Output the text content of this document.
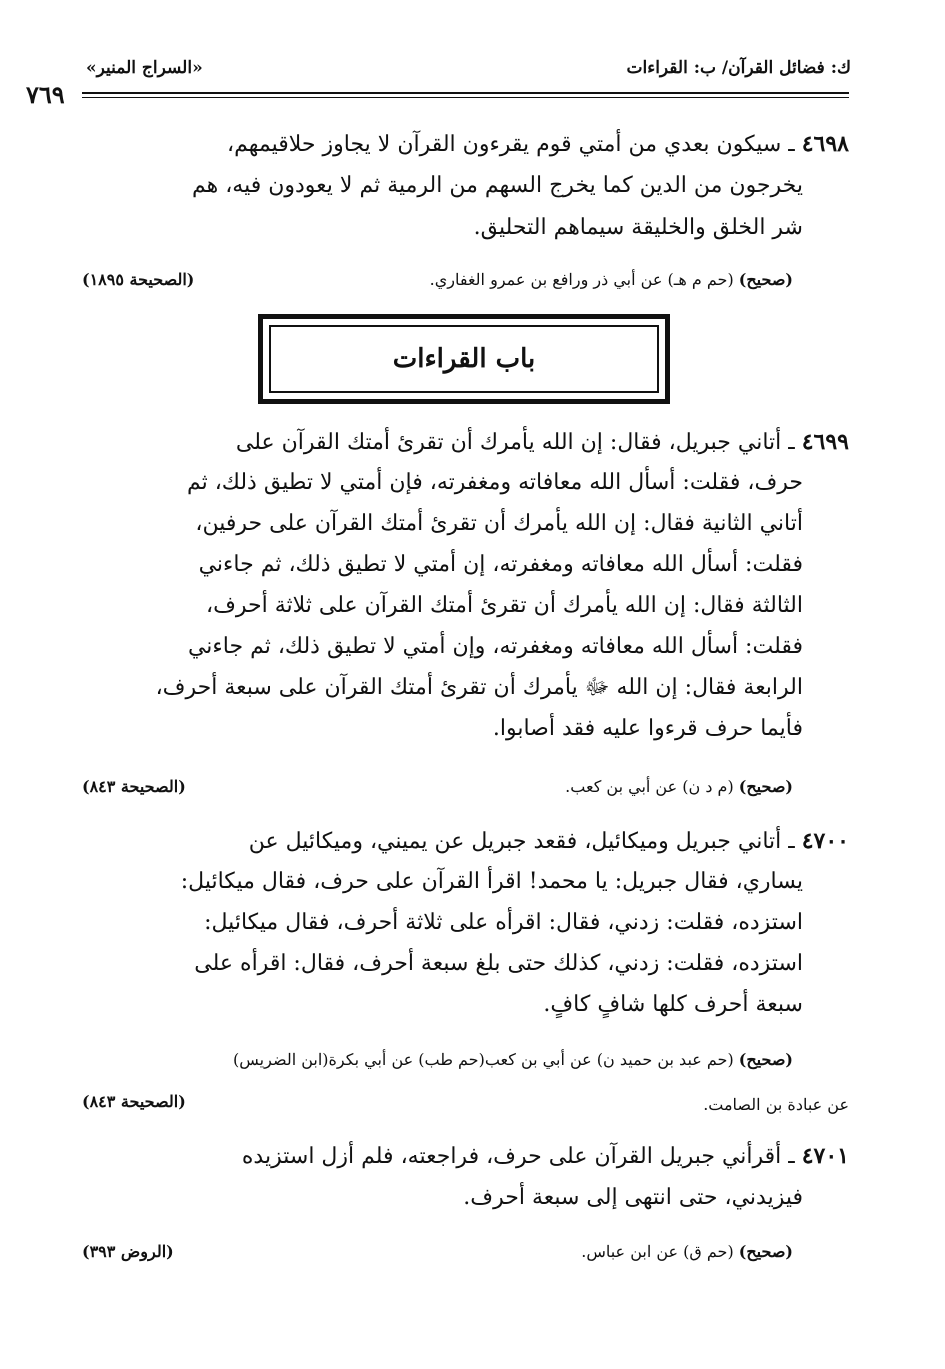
ك: فضائل القرآن/ ب: القراءات
«السراج المنير»
٧٦٩
٤٦٩٨ ـ سيكون بعدي من أمتي قوم يقرءون القرآن لا يجاوز حلاقيمهم،
يخرجون من الدين كما يخرج السهم من الرمية ثم لا يعودون فيه، هم
شر الخلق والخليقة سيماهم التحليق.
(صحيح) (حم م هـ) عن أبي ذر ورافع بن عمرو الغفاري.
(الصحيحة ١٨٩٥)
باب القراءات
٤٦٩٩ ـ أتاني جبريل، فقال: إن الله يأمرك أن تقرئ أمتك القرآن على
حرف، فقلت: أسأل الله معافاته ومغفرته، فإن أمتي لا تطيق ذلك، ثم
أتاني الثانية فقال: إن الله يأمرك أن تقرئ أمتك القرآن على حرفين،
فقلت: أسأل الله معافاته ومغفرته، إن أمتي لا تطيق ذلك، ثم جاءني
الثالثة فقال: إن الله يأمرك أن تقرئ أمتك القرآن على ثلاثة أحرف،
فقلت: أسأل الله معافاته ومغفرته، وإن أمتي لا تطيق ذلك، ثم جاءني
الرابعة فقال: إن الله ﷻ يأمرك أن تقرئ أمتك القرآن على سبعة أحرف،
فأيما حرف قرءوا عليه فقد أصابوا.
(صحيح) (م د ن) عن أبي بن كعب.
(الصحيحة ٨٤٣)
٤٧٠٠ ـ أتاني جبريل وميكائيل، فقعد جبريل عن يميني، وميكائيل عن
يساري، فقال جبريل: يا محمد! اقرأ القرآن على حرف، فقال ميكائيل:
استزده، فقلت: زدني، فقال: اقرأه على ثلاثة أحرف، فقال ميكائيل:
استزده، فقلت: زدني، كذلك حتى بلغ سبعة أحرف، فقال: اقرأه على
سبعة أحرف كلها شافٍ كافٍ.
(صحيح) (حم عبد بن حميد ن) عن أبي بن كعب(حم طب) عن أبي بكرة(ابن الضريس)
عن عبادة بن الصامت.
(الصحيحة ٨٤٣)
٤٧٠١ ـ أقرأني جبريل القرآن على حرف، فراجعته، فلم أزل استزيده
فيزيدني، حتى انتهى إلى سبعة أحرف.
(صحيح) (حم ق) عن ابن عباس.
(الروض ٣٩٣)
